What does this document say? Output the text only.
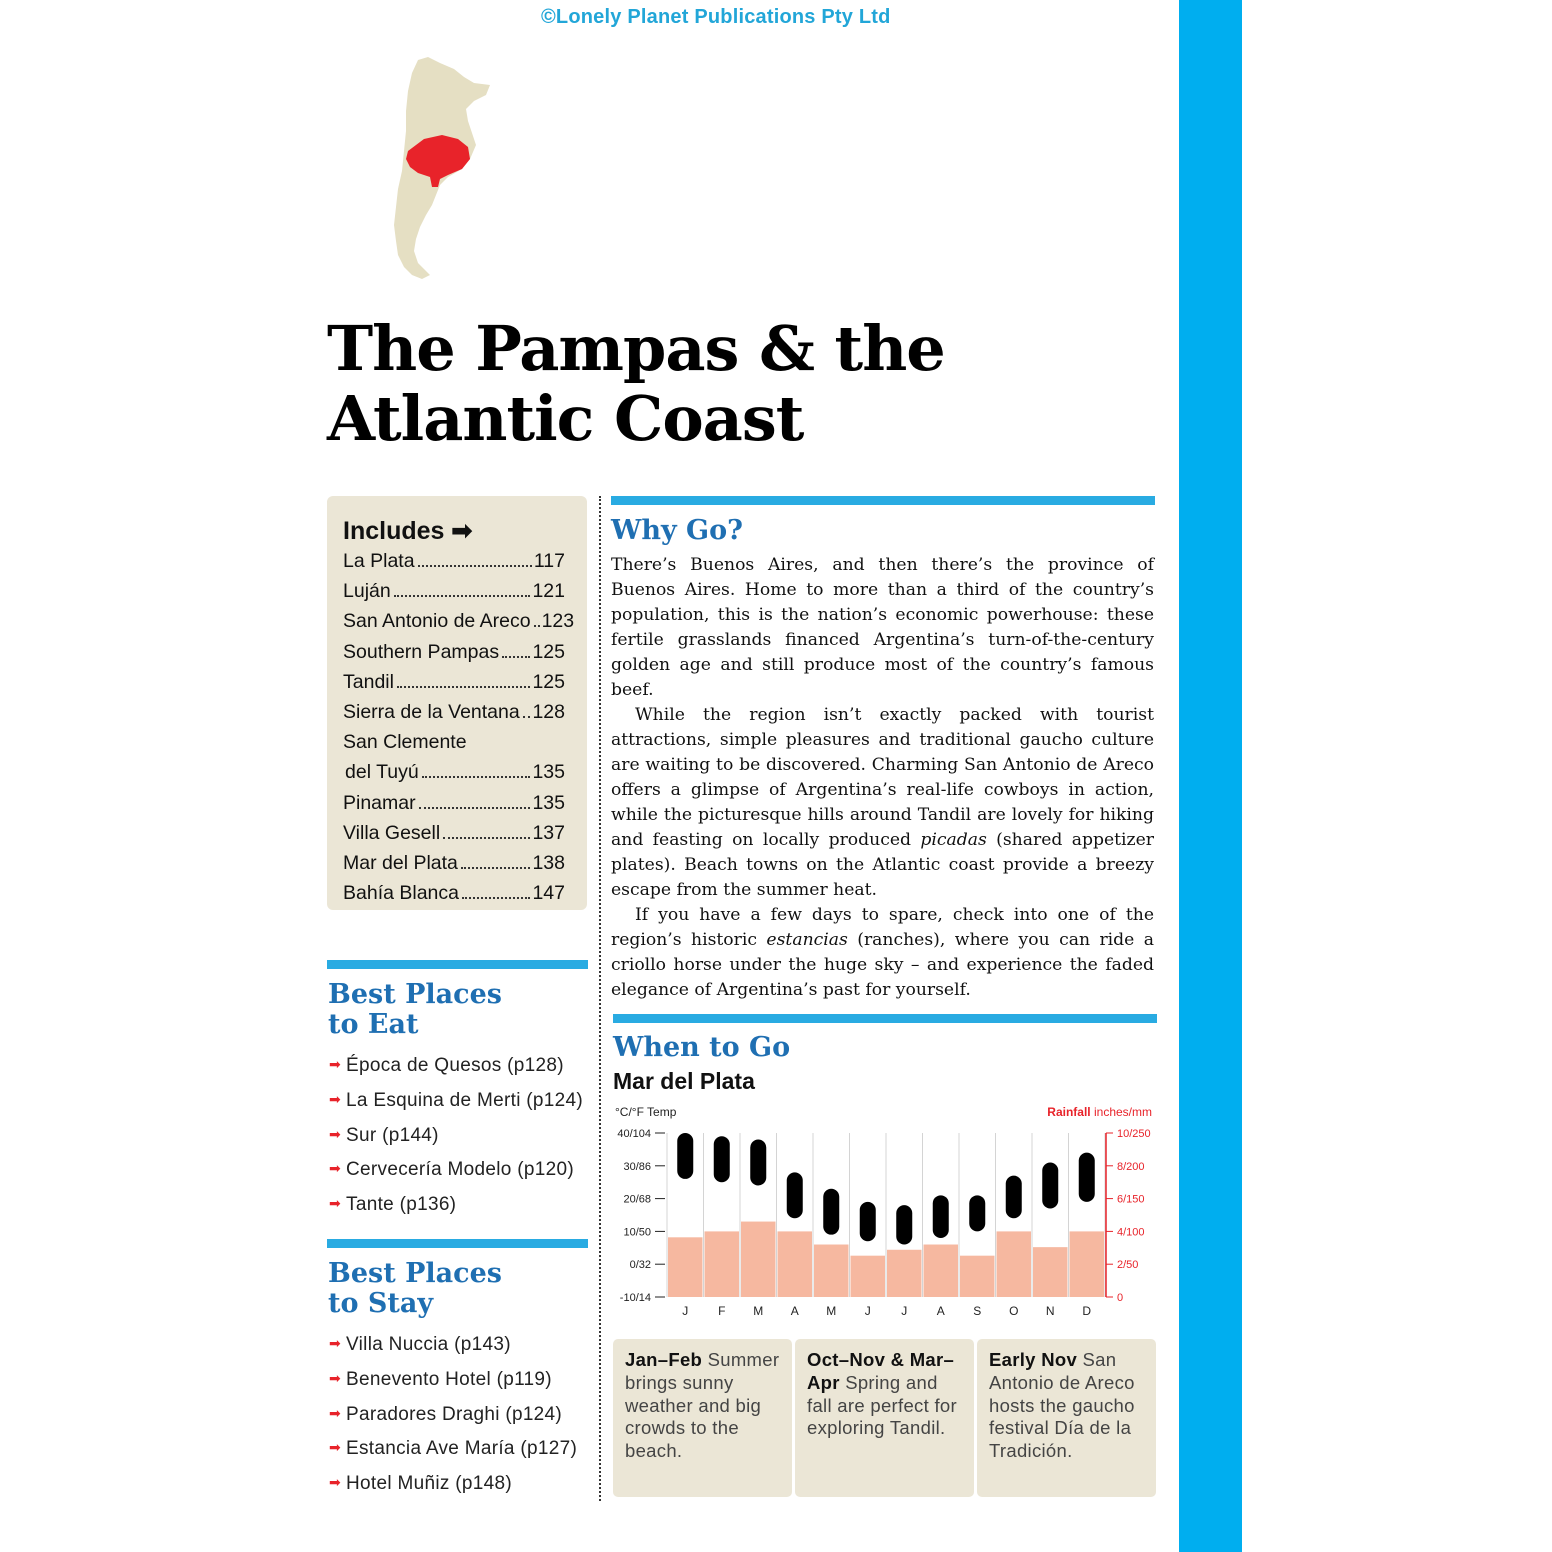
©Lonely Planet Publications Pty Ltd
The Pampas & the
Atlantic Coast
Includes ➡
La Plata	117
Luján	121
San Antonio de Areco 123
Southern Pampas 125
Tandil	125
Sierra de la Ventana 128
San Clemente
del Tuyú	135
Pinamar	135
Villa Gesell	137
Mar del Plata	138
Bahía Blanca	147
Best Places
to Eat
➡ Época de Quesos (p128)
➡ La Esquina de Merti (p124)
➡ Sur (p144)
➡ Cervecería Modelo (p120)
➡ Tante (p136)
Best Places
to Stay
➡ Villa Nuccia (p143)
➡ Benevento Hotel (p119)
➡ Paradores Draghi (p124)
➡ Estancia Ave María (p127)
➡ Hotel Muñiz (p148)
Why Go?

There’s Buenos Aires, and then there’s the province of Buenos Aires. Home to more than a third of the country’s population, this is the nation’s economic powerhouse: these fertile grasslands financed Argentina’s turn-of-the-century golden age and still produce most of the country’s famous beef.

While the region isn’t exactly packed with tourist attractions, simple pleasures and traditional gaucho culture are waiting to be discovered. Charming San Antonio de Areco offers a glimpse of Argentina’s real-life cowboys in action, while the picturesque hills around Tandil are lovely for hiking and feasting on locally produced picadas (shared appetizer plates). Beach towns on the Atlantic coast provide a breezy escape from the summer heat.

If you have a few days to spare, check into one of the region’s historic estancias (ranches), where you can ride a criollo horse under the huge sky – and experience the faded elegance of Argentina’s past for yourself.

When to Go
Mar del Plata
°C/°F Temp	Rainfall inches/mm
40/104
30/86
20/68
10/50
0/32
-10/14
10/250
8/200
6/150
4/100
2/50
0
J F M A M J	J A S O N D
Jan–Feb Summer brings sunny weather and big crowds to the beach.
Oct–Nov & Mar–Apr Spring and fall are perfect for exploring Tandil.
Early Nov San Antonio de Areco hosts the gaucho festival Día de la Tradición.
